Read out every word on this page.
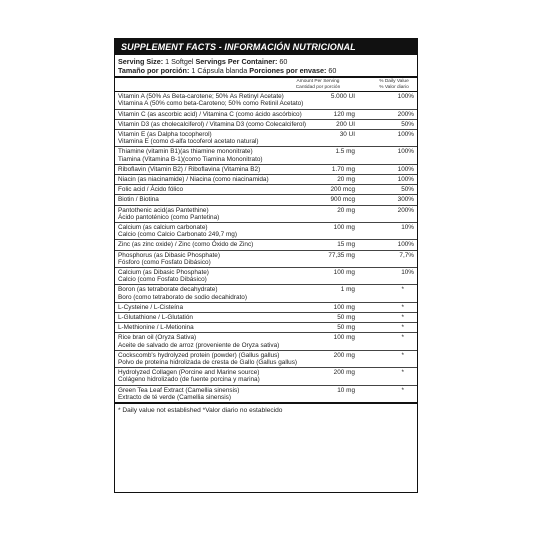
SUPPLEMENT FACTS - INFORMACIÓN NUTRICIONAL
Serving Size: 1 Softgel Servings Per Container: 60
Tamaño por porción: 1 Cápsula blanda Porciones por envase: 60
Amount Per Serving
Cantidad por porción
% Daily Value
% Valor diario
Vitamin A (50% As Beta-carotene; 50% As Retinyl Acetate)
Vitamina A (50% como beta-Caroteno; 50% como Retinil Acetato)
5.000 UI	100%
Vitamin C (as ascorbic acid) / Vitamina C (como ácido ascórbico)	120 mg	200%
Vitamin D3 (as cholecalciferol) / Vitamina D3 (como Colecalciferol)	200 UI	50%
Vitamin E (as Dalpha tocopherol)
Vitamina E (como d-alfa tocoferol acetato natural)
30 UI	100%
Thiamine (vitamin B1)(as thiamine mononitrate)
Tiamina (Vitamina B-1)(como Tiamina Mononitrato)
1.5 mg	100%
Riboflavin (Vitamin B2) / Riboflavina (Vitamina B2)	1.70 mg	100%
Niacin (as niacinamide) / Niacina (como niacinamida)	20 mg	100%
Folic acid / Ácido fólico	200 mcg	50%
Biotin / Biotina	900 mcg	300%
Pantothenic acid(as Pantethine)
Ácido pantoténico (como Pantetina)
20 mg	200%
Calcium (as calcium carbonate)
Calcio (como Calcio Carbonato 249,7 mg)
100 mg	10%
Zinc (as zinc oxide) / Zinc (como Óxido de Zinc)	15 mg	100%
Phosphorus (as Dibasic Phosphate)
Fósforo (como Fosfato Dibásico)
77,35 mg	7,7%
Calcium (as Dibasic Phosphate)
Calcio (como Fosfato Dibásico)
100 mg	10%
Boron (as tetraborate decahydrate)
Boro (como tetraborato de sodio decahidrato)
1 mg	*
L-Cysteine / L-Cisteína	100 mg	*
L-Glutathione / L-Glutatión	50 mg	*
L-Methionine / L-Metionina	50 mg	*
Rice bran oil (Oryza Sativa)
Aceite de salvado de arroz (proveniente de Oryza sativa)
100 mg	*
Cockscomb's hydrolyzed protein (powder) (Gallus gallus)
Polvo de proteína hidrolizada de cresta de Gallo (Gallus gallus)
200 mg	*
Hydrolyzed Collagen (Porcine and Marine source)
Colágeno hidrolizado (de fuente porcina y marina)
200 mg	*
Green Tea Leaf Extract (Camellia sinensis)
Extracto de té verde (Camellia sinensis)
10 mg	*
* Daily value not established *Valor diario no establecido
